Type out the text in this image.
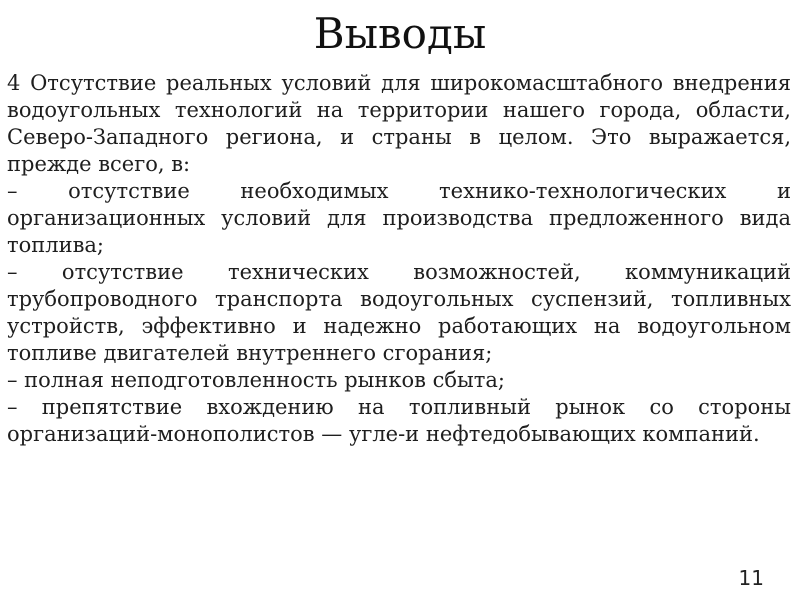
Выводы

4 Отсутствие реальных условий для широкомасштабного внедрения водоугольных технологий на территории нашего города, области, Северо-Западного региона, и страны в целом. Это выражается, прежде всего, в:

– отсутствие необходимых технико-технологических и организационных условий для производства предложенного вида топлива;

– отсутствие технических возможностей, коммуникаций трубопроводного транспорта водоугольных суспензий, топливных устройств, эффективно и надежно работающих на водоугольном топливе двигателей внутреннего сгорания;

– полная неподготовленность рынков сбыта;

– препятствие вхождению на топливный рынок со стороны организаций-монополистов — угле-и нефтедобывающих компаний.

11
